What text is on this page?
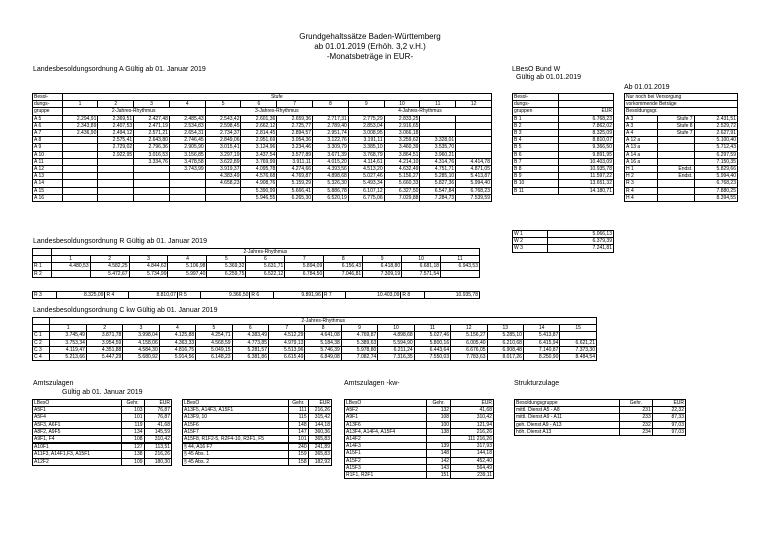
Grundgehaltssätze Baden-Württemberg
ab 01.01.2019 (Erhöh. 3,2 v.H.)
-Monatsbeträge in EUR-
Landesbesoldungsordnung A Gültig ab 01. Januar 2019
Besol-	Stufe											
dungs-	1	2	3	4	5	6	7	8	9	10	11	12
gruppe	2-Jahres-Rhythmus				3-Jahres-Rhythmus				4-Jahres-Rhythmus			
A 5	2.294,91	2.369,51	2.427,48	2.485,43	2.543,42	2.601,36	2.659,36	2.717,31	2.775,29	2.833,25		
A 6	2.343,89	2.407,53	2.471,19	2.534,83	2.598,45	2.662,12	2.725,77	2.789,40	2.853,04	2.916,65		
A 7	2.436,90	2.494,12	2.571,21	2.654,31	2.734,37	2.814,45	2.894,57	2.951,74	3.008,95	3.066,18		
A 8		2.575,41	2.643,80	2.746,45	2.849,06	2.951,69	3.054,36	3.122,76	3.191,11	3.259,62	3.328,01	
A 9		2.729,02	2.796,36	2.905,90	3.015,41	3.124,96	3.234,46	3.309,79	3.385,10	3.460,39	3.535,70	
A 10		2.922,95	3.016,53	3.156,85	3.297,19	3.437,54	3.577,89	3.671,39	3.768,79	3.864,51	3.960,21	
A 11			3.334,76	3.478,58	3.622,89	3.769,99	3.911,11	4.015,20	4.114,61	4.214,10	4.314,76	4.414,78
A 12				3.743,99	3.919,37	4.095,78	4.274,66	4.393,56	4.513,20	4.632,49	4.751,71	4.871,05
A 13					4.383,49	4.576,68	4.769,87	4.898,68	5.027,46	5.156,27	5.285,10	5.413,87
A 14					4.658,23	4.908,76	5.159,29	5.326,30	5.493,34	5.660,33	5.827,36	5.994,40
A 15						5.390,99	5.666,41	5.886,78	6.107,12	6.327,50	6.547,84	6.768,23
A 16						5.946,55	6.265,30	6.520,19	6.775,06	7.029,88	7.284,73	7.539,59
LBesO Bund W
Gültig ab 01.01.2019
Besol-	
dungs-	
gruppen	EUR
B 1	6.768,23
B 2	7.862,02
B 3	8.325,09
B 4	8.810,07
B 5	9.366,50
B 6	9.891,95
B 7	10.403,09
B 8	10.935,78
B 9	11.597,22
B 10	13.651,32
B 11	14.180,71
W 1	5.066,13
W 2	6.379,39
W 3	7.241,81
Ab 01.01.2019
Nur noch bei Versorgung		
vorkommende Beträge		
Besoldungsgr.		
A 3	Stufe 7	2.431,51
A 3	Stufe 8	2.529,72
A 4	Stufe 7	2.627,91
A 12 a		5.100,40
A 13 a		5.712,43
A 14 a		6.297,59
A 16 a		7.150,35
H 1	Endst.	5.829,66
H 2	Endst.	5.994,40
R 3		6.768,23
R 4		7.880,25
H 4		8.394,55
Landesbesoldungsordnung R Gültig ab 01. Januar 2019
	2-Jahres-Rhythmus										
	1	2	3	4	5	6	7	8	9	10	11
R 1	4.480,53	4.582,25	4.844,62	5.106,98	5.369,32	5.631,71	5.894,09	6.156,43	6.418,80	6.681,18	6.943,53
R 2		5.472,67	5.734,99	5.997,40	6.259,75	6.522,12	6.784,50	7.046,81	7.309,19	7.571,54	
R 3	8.325,09	R 4	8.810,07	R 5	9.366,50	R 6	9.891,96	R 7	10.403,09	R 8	10.935,78
Landesbesoldungsordnung C kw Gültig ab 01. Januar 2019
	2-Jahres-Rhythmus														
	1	2	3	4	5	6	7	8	9	10	11	12	13	14	15
C 1	3.745,49	3.871,78	3.998,04	4.125,88	4.254,71	4.383,49	4.512,29	4.641,08	4.769,87	4.898,68	5.027,46	5.156,27	5.285,10	5.413,87	
C 2	3.753,34	3.954,59	4.158,06	4.363,33	4.568,59	4.773,85	4.979,13	5.184,38	5.389,63	5.594,90	5.800,16	6.005,40	6.210,68	6.415,94	6.621,21
C 3	4.119,47	4.351,88	4.584,30	4.816,75	5.049,15	5.281,57	5.513,96	5.746,39	5.978,80	6.211,24	6.443,64	6.676,05	6.908,48	7.140,87	7.373,30
C 4	5.213,66	5.447,29	5.680,92	5.914,56	6.148,23	6.381,86	6.615,49	6.849,08	7.082,74	7.316,35	7.550,03	7.783,63	8.017,26	8.250,90	8.484,54
Amtszulagen
Gültig ab 01. Januar 2019
LBesO	Gehr.	EUR
A5F1	103	76,87
A5F4	101	76,87
A5F3, A6F1	119	41,68
A8F2, A9F5	134	145,59
A9F1, F4	108	310,42

A10F1	127	113,51
A11F3, A14F1,F3, A15F1	138	216,26
A12F2	109	180,30
LBesO	Gehr.	EUR
A13F5, A14F3, A15F1	111	216,26
A13F9, 10	115	315,42
A15F6	148	144,18
A15F7	147	360,36
A15F8, R1F2-5, R2F4-10, R3F1, F5	101	365,83

§ 44, A16 F7	240	241,89
§ 45 Abs. 1	159	365,83
§ 45 Abs. 2	158	182,92
Amtszulagen -kw-
LBesO	Gehr.	EUR
A5F2	132	41,68
A9F1	108	310,42
A13F6	100	121,94
A13F4, A14F4, A15F4	138	216,26
A14F2		111 216,26
A14F3	139	317,93
A15F1	148	144,18
A15F2	142	452,40
A15F3	143	564,49
R1F1, R2F1	151	239,11
Strukturzulage
Besoldungsgruppe	Gehr.	EUR
mittl. Dienst A5 - A8	231	22,32
mittl. Dienst A9 - A11	233	87,33
geh. Dienst A9 - A13	232	97,03
höh. Dienst A13	234	97,03
